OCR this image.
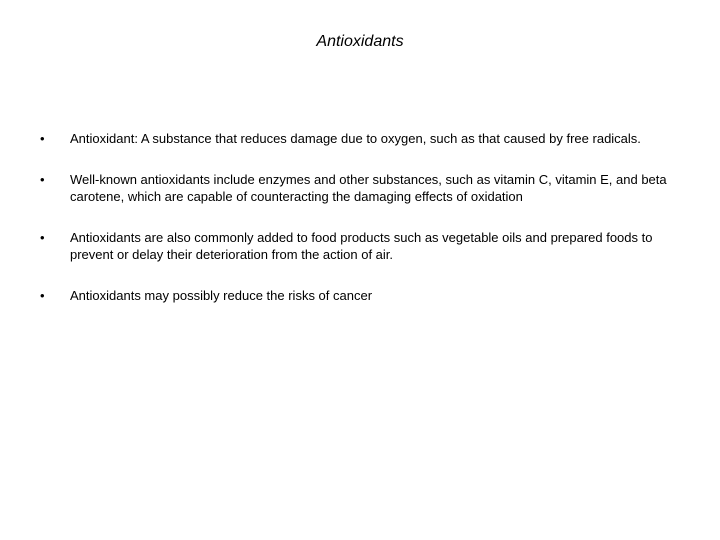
Antioxidants
•	Antioxidant: A substance that reduces damage due to oxygen, such as that caused by free radicals.
•	Well-known antioxidants include enzymes and other substances, such as vitamin C, vitamin E, and beta carotene, which are capable of counteracting the damaging effects of oxidation
•	Antioxidants are also commonly added to food products such as vegetable oils and prepared foods to prevent or delay their deterioration from the action of air.
•	Antioxidants may possibly reduce the risks of cancer
